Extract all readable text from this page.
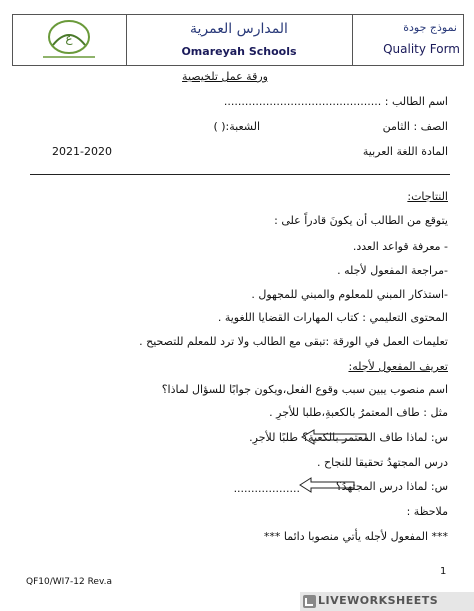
ع
المدارس العمرية
Omareyah Schools
نموذج جودة
Quality Form
ورقة عمل تلخيصية
اسم الطالب : .............................................
الصف : الثامن
الشعبة:( )
المادة اللغة العربية
2021-2020
النتاجات:
يتوقع من الطالب أن يكونَ قادراً على :
- معرفة قواعد العدد.
-مراجعة المفعول لأجله .
-استذكار المبني للمعلوم والمبني للمجهول .
المحتوى التعليمي : كتاب المهارات القضايا اللغوية .
تعليمات العمل في الورقة :تبقى مع الطالب ولا ترد للمعلم للتصحيح .
تعريف المفعول لأجله:
اسم منصوب يبين سبب وقوع الفعل،ويكون جوابًا للسؤال لماذا؟
مثل : طاف المعتمرُ بالكعبةِ،طلبا للأجرِ .
س: لماذا طاف المعتمر بالكعبة؟
طلبًا للأجرِ.
درس المجتهدُ تحقيقا للنجاح .
س: لماذا درس المجتهدُ؟
...................
ملاحظة :
*** المفعول لأجله يأتي منصوبا دائما ***
1
QF10/WI7-12 Rev.a
LIVEWORKSHEETS
